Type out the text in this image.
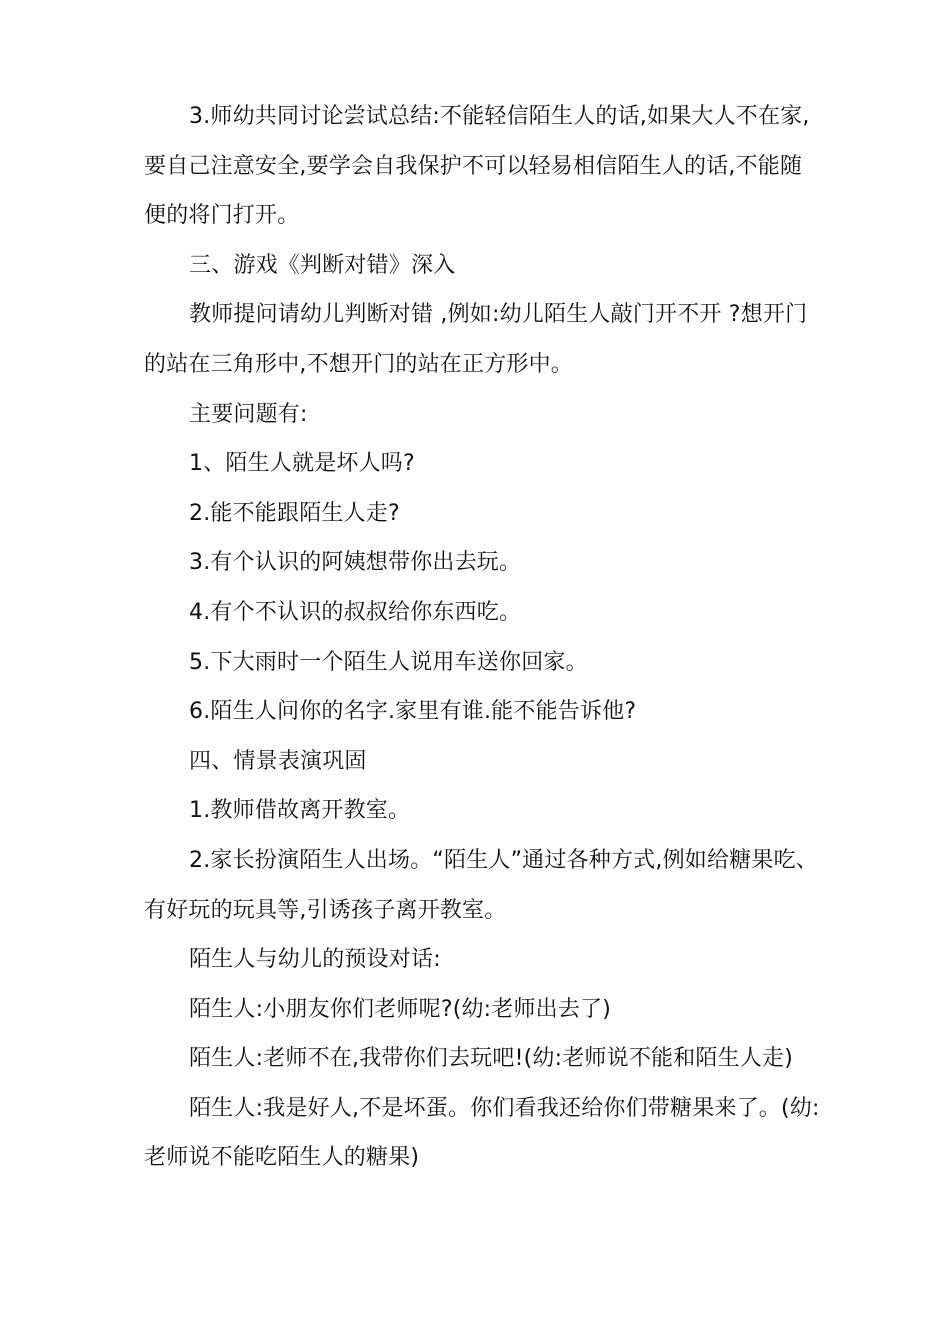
3.师幼共同讨论尝试总结:不能轻信陌生人的话,如果大人不在家,要自己注意安全,要学会自我保护不可以轻易相信陌生人的话,不能随便的将门打开。

三、游戏《判断对错》深入

教师提问请幼儿判断对错 ,例如:幼儿陌生人敲门开不开 ?想开门的站在三角形中,不想开门的站在正方形中。

主要问题有:

1、陌生人就是坏人吗?

2.能不能跟陌生人走?

3.有个认识的阿姨想带你出去玩。

4.有个不认识的叔叔给你东西吃。

5.下大雨时一个陌生人说用车送你回家。

6.陌生人问你的名字.家里有谁.能不能告诉他?

四、情景表演巩固

1.教师借故离开教室。

2.家长扮演陌生人出场。“陌生人”通过各种方式,例如给糖果吃、有好玩的玩具等,引诱孩子离开教室。

陌生人与幼儿的预设对话:

陌生人:小朋友你们老师呢?(幼:老师出去了)

陌生人:老师不在,我带你们去玩吧!(幼:老师说不能和陌生人走)

陌生人:我是好人,不是坏蛋。你们看我还给你们带糖果来了。(幼:老师说不能吃陌生人的糖果)
